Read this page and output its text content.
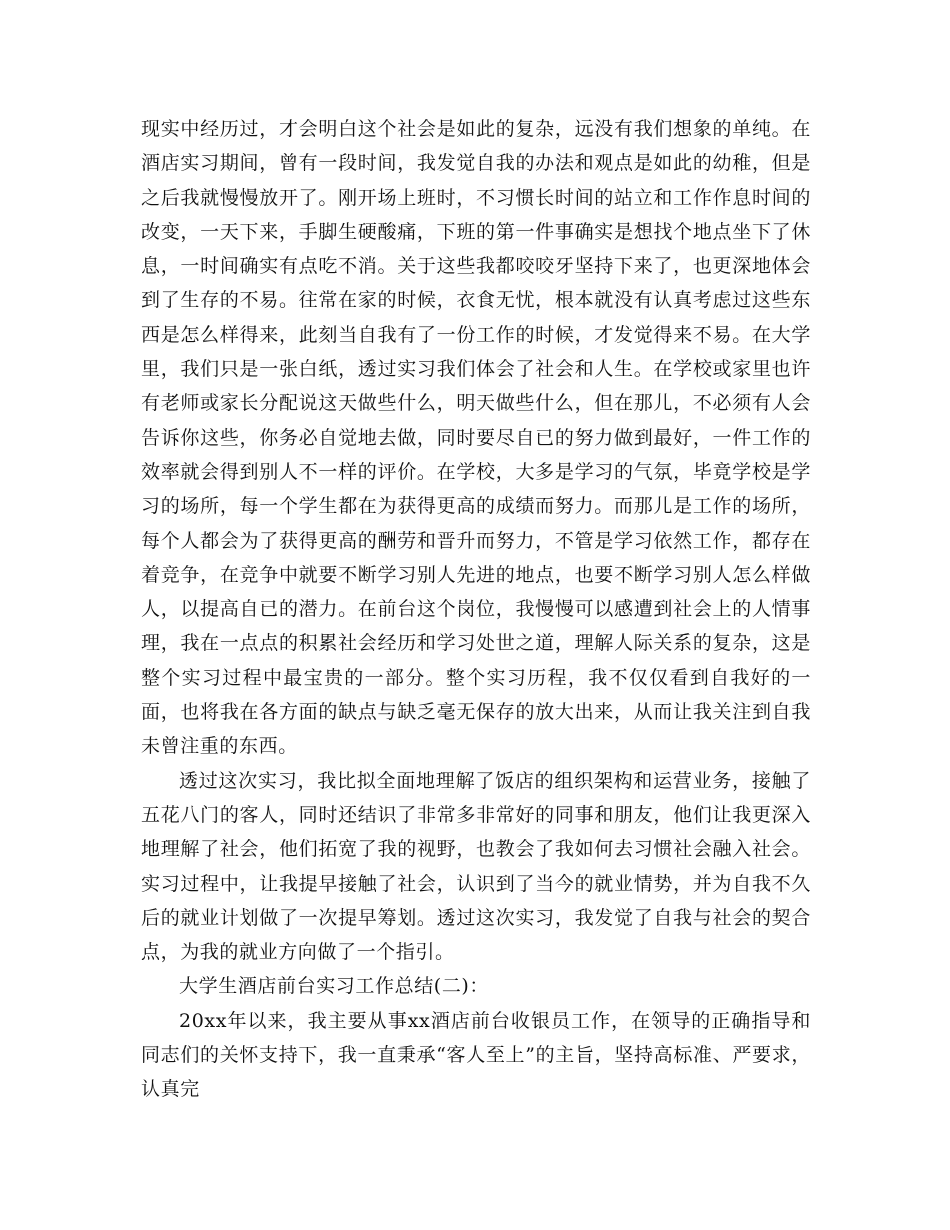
现实中经历过，才会明白这个社会是如此的复杂，远没有我们想象的单纯。在酒店实习期间，曾有一段时间，我发觉自我的办法和观点是如此的幼稚，但是之后我就慢慢放开了。刚开场上班时，不习惯长时间的站立和工作作息时间的改变，一天下来，手脚生硬酸痛，下班的第一件事确实是想找个地点坐下了休息，一时间确实有点吃不消。关于这些我都咬咬牙坚持下来了，也更深地体会到了生存的不易。往常在家的时候，衣食无忧，根本就没有认真考虑过这些东西是怎么样得来，此刻当自我有了一份工作的时候，才发觉得来不易。在大学里，我们只是一张白纸，透过实习我们体会了社会和人生。在学校或家里也许有老师或家长分配说这天做些什么，明天做些什么，但在那儿，不必须有人会告诉你这些，你务必自觉地去做，同时要尽自已的努力做到最好，一件工作的效率就会得到别人不一样的评价。在学校，大多是学习的气氛，毕竟学校是学习的场所，每一个学生都在为获得更高的成绩而努力。而那儿是工作的场所，每个人都会为了获得更高的酬劳和晋升而努力，不管是学习依然工作，都存在着竞争，在竞争中就要不断学习别人先进的地点，也要不断学习别人怎么样做人，以提高自已的潜力。在前台这个岗位，我慢慢可以感遭到社会上的人情事理，我在一点点的积累社会经历和学习处世之道，理解人际关系的复杂，这是整个实习过程中最宝贵的一部分。整个实习历程，我不仅仅看到自我好的一面，也将我在各方面的缺点与缺乏毫无保存的放大出来，从而让我关注到自我未曾注重的东西。

透过这次实习，我比拟全面地理解了饭店的组织架构和运营业务，接触了五花八门的客人，同时还结识了非常多非常好的同事和朋友，他们让我更深入地理解了社会，他们拓宽了我的视野，也教会了我如何去习惯社会融入社会。实习过程中，让我提早接触了社会，认识到了当今的就业情势，并为自我不久后的就业计划做了一次提早筹划。透过这次实习，我发觉了自我与社会的契合点，为我的就业方向做了一个指引。

大学生酒店前台实习工作总结(二)：

20xx年以来，我主要从事xx酒店前台收银员工作，在领导的正确指导和同志们的关怀支持下，我一直秉承“客人至上”的主旨，坚持高标准、严要求，认真完
